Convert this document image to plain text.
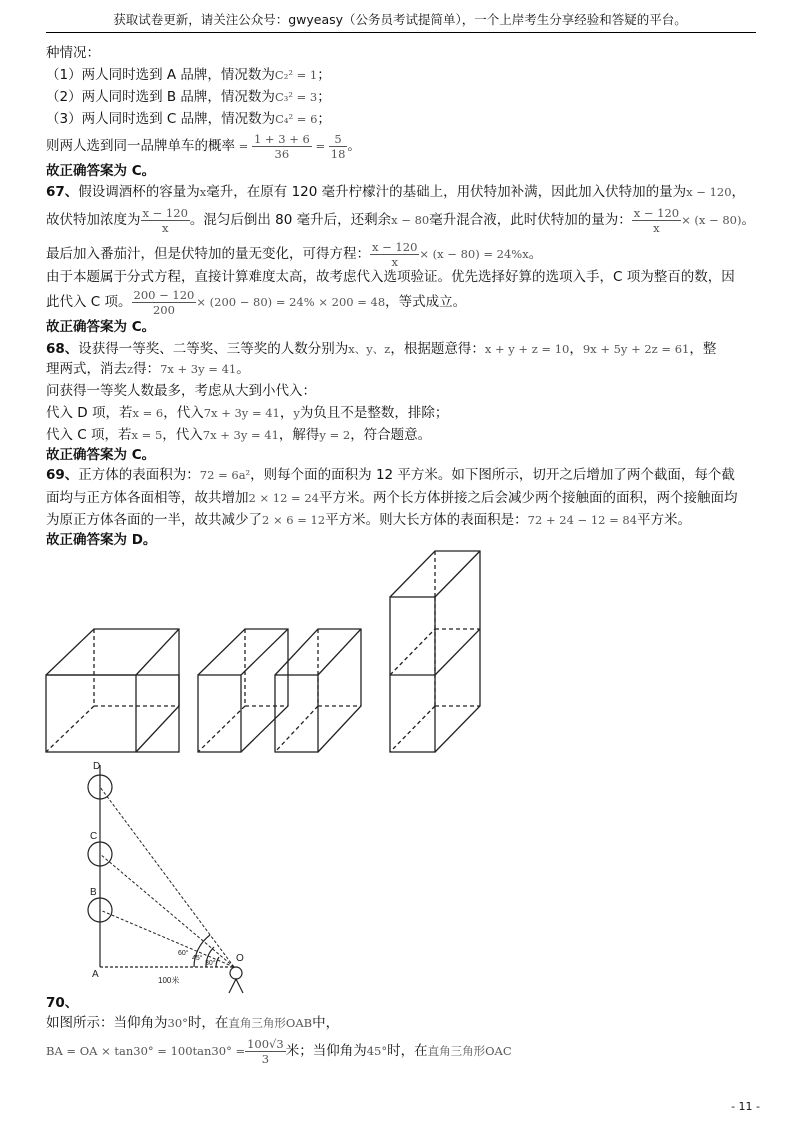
获取试卷更新，请关注公众号：gwyeasy（公务员考试提简单），一个上岸考生分享经验和答疑的平台。
种情况：
（1）两人同时选到 A 品牌，情况数为C₂² = 1；
（2）两人同时选到 B 品牌，情况数为C₃² = 3；
（3）两人同时选到 C 品牌，情况数为C₄² = 6；
则两人选到同一品牌单车的概率 = $\frac{1 + 3 + 6}{36} = \frac{5}{18}$ 。
故正确答案为 C。
67、假设调酒杯的容量为x毫升，在原有 120 毫升柠檬汁的基础上，用伏特加补满，因此加入伏特加的量为x − 120，
故伏特加浓度为 $\frac{x - 120}{x}$ 。混匀后倒出 80 毫升后，还剩余x − 80毫升混合液，此时伏特加的量为： $\frac{x - 120}{x} \times (x - 80)$。
最后加入番茄汁，但是伏特加的量无变化，可得方程： $\frac{x - 120}{x} \times (x - 80) = 24\%x$。
由于本题属于分式方程，直接计算难度太高，故考虑代入选项验证。优先选择好算的选项入手，C 项为整百的数，因
此代入 C 项。 $\frac{200 - 120}{200} \times (200 - 80) = 24\% \times 200 = 48$，等式成立。
故正确答案为 C。
68、设获得一等奖、二等奖、三等奖的人数分别为x、y、z，根据题意得：x + y + z = 10，9x + 5y + 2z = 61，整
理两式，消去z得：7x + 3y = 41。
问获得一等奖人数最多，考虑从大到小代入：
代入 D 项，若x = 6，代入7x + 3y = 41，y为负且不是整数，排除；
代入 C 项，若x = 5，代入7x + 3y = 41，解得y = 2，符合题意。
故正确答案为 C。
69、正方体的表面积为：72 = 6a²，则每个面的面积为 12 平方米。如下图所示，切开之后增加了两个截面，每个截
面均与正方体各面相等，故共增加2 × 12 = 24平方米。两个长方体拼接之后会减少两个接触面的面积，两个接触面均
为原正方体各面的一半，故共减少了2 × 6 = 12平方米。则大长方体的表面积是：72 + 24 − 12 = 84平方米。
故正确答案为 D。
D
C
B
A
O
60°
45°
30°
100米
70、
如图所示：当仰角为30°时，在直角三角形OAB中，
BA = OA × $\tan 30^\circ = 100\tan 30^\circ = \frac{100√3}{3}$ 米；当仰角为45°时，在直角三角形OAC
- 11 -
